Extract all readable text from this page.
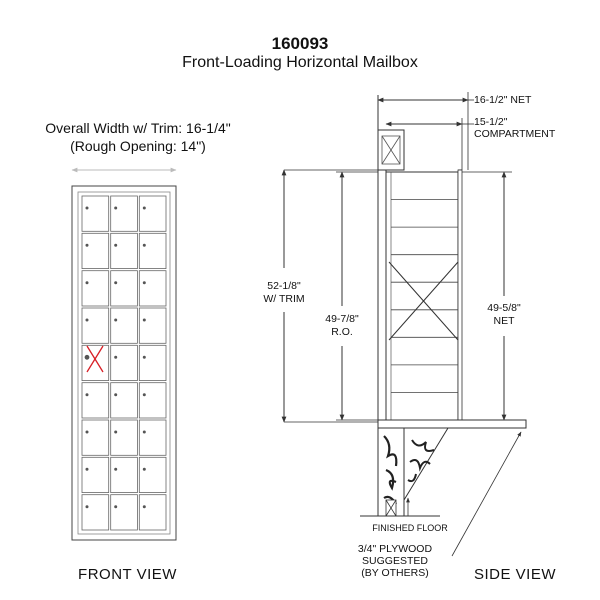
160093
Front-Loading Horizontal Mailbox
Overall Width w/ Trim: 16-1/4"
(Rough Opening: 14")
FRONT VIEW	SIDE VIEW
16-1/2" NET
15-1/2"
COMPARTMENT
52-1/8"
W/ TRIM
49-7/8"
R.O.
49-5/8"
NET
FINISHED FLOOR
3/4" PLYWOOD
SUGGESTED
(BY OTHERS)
